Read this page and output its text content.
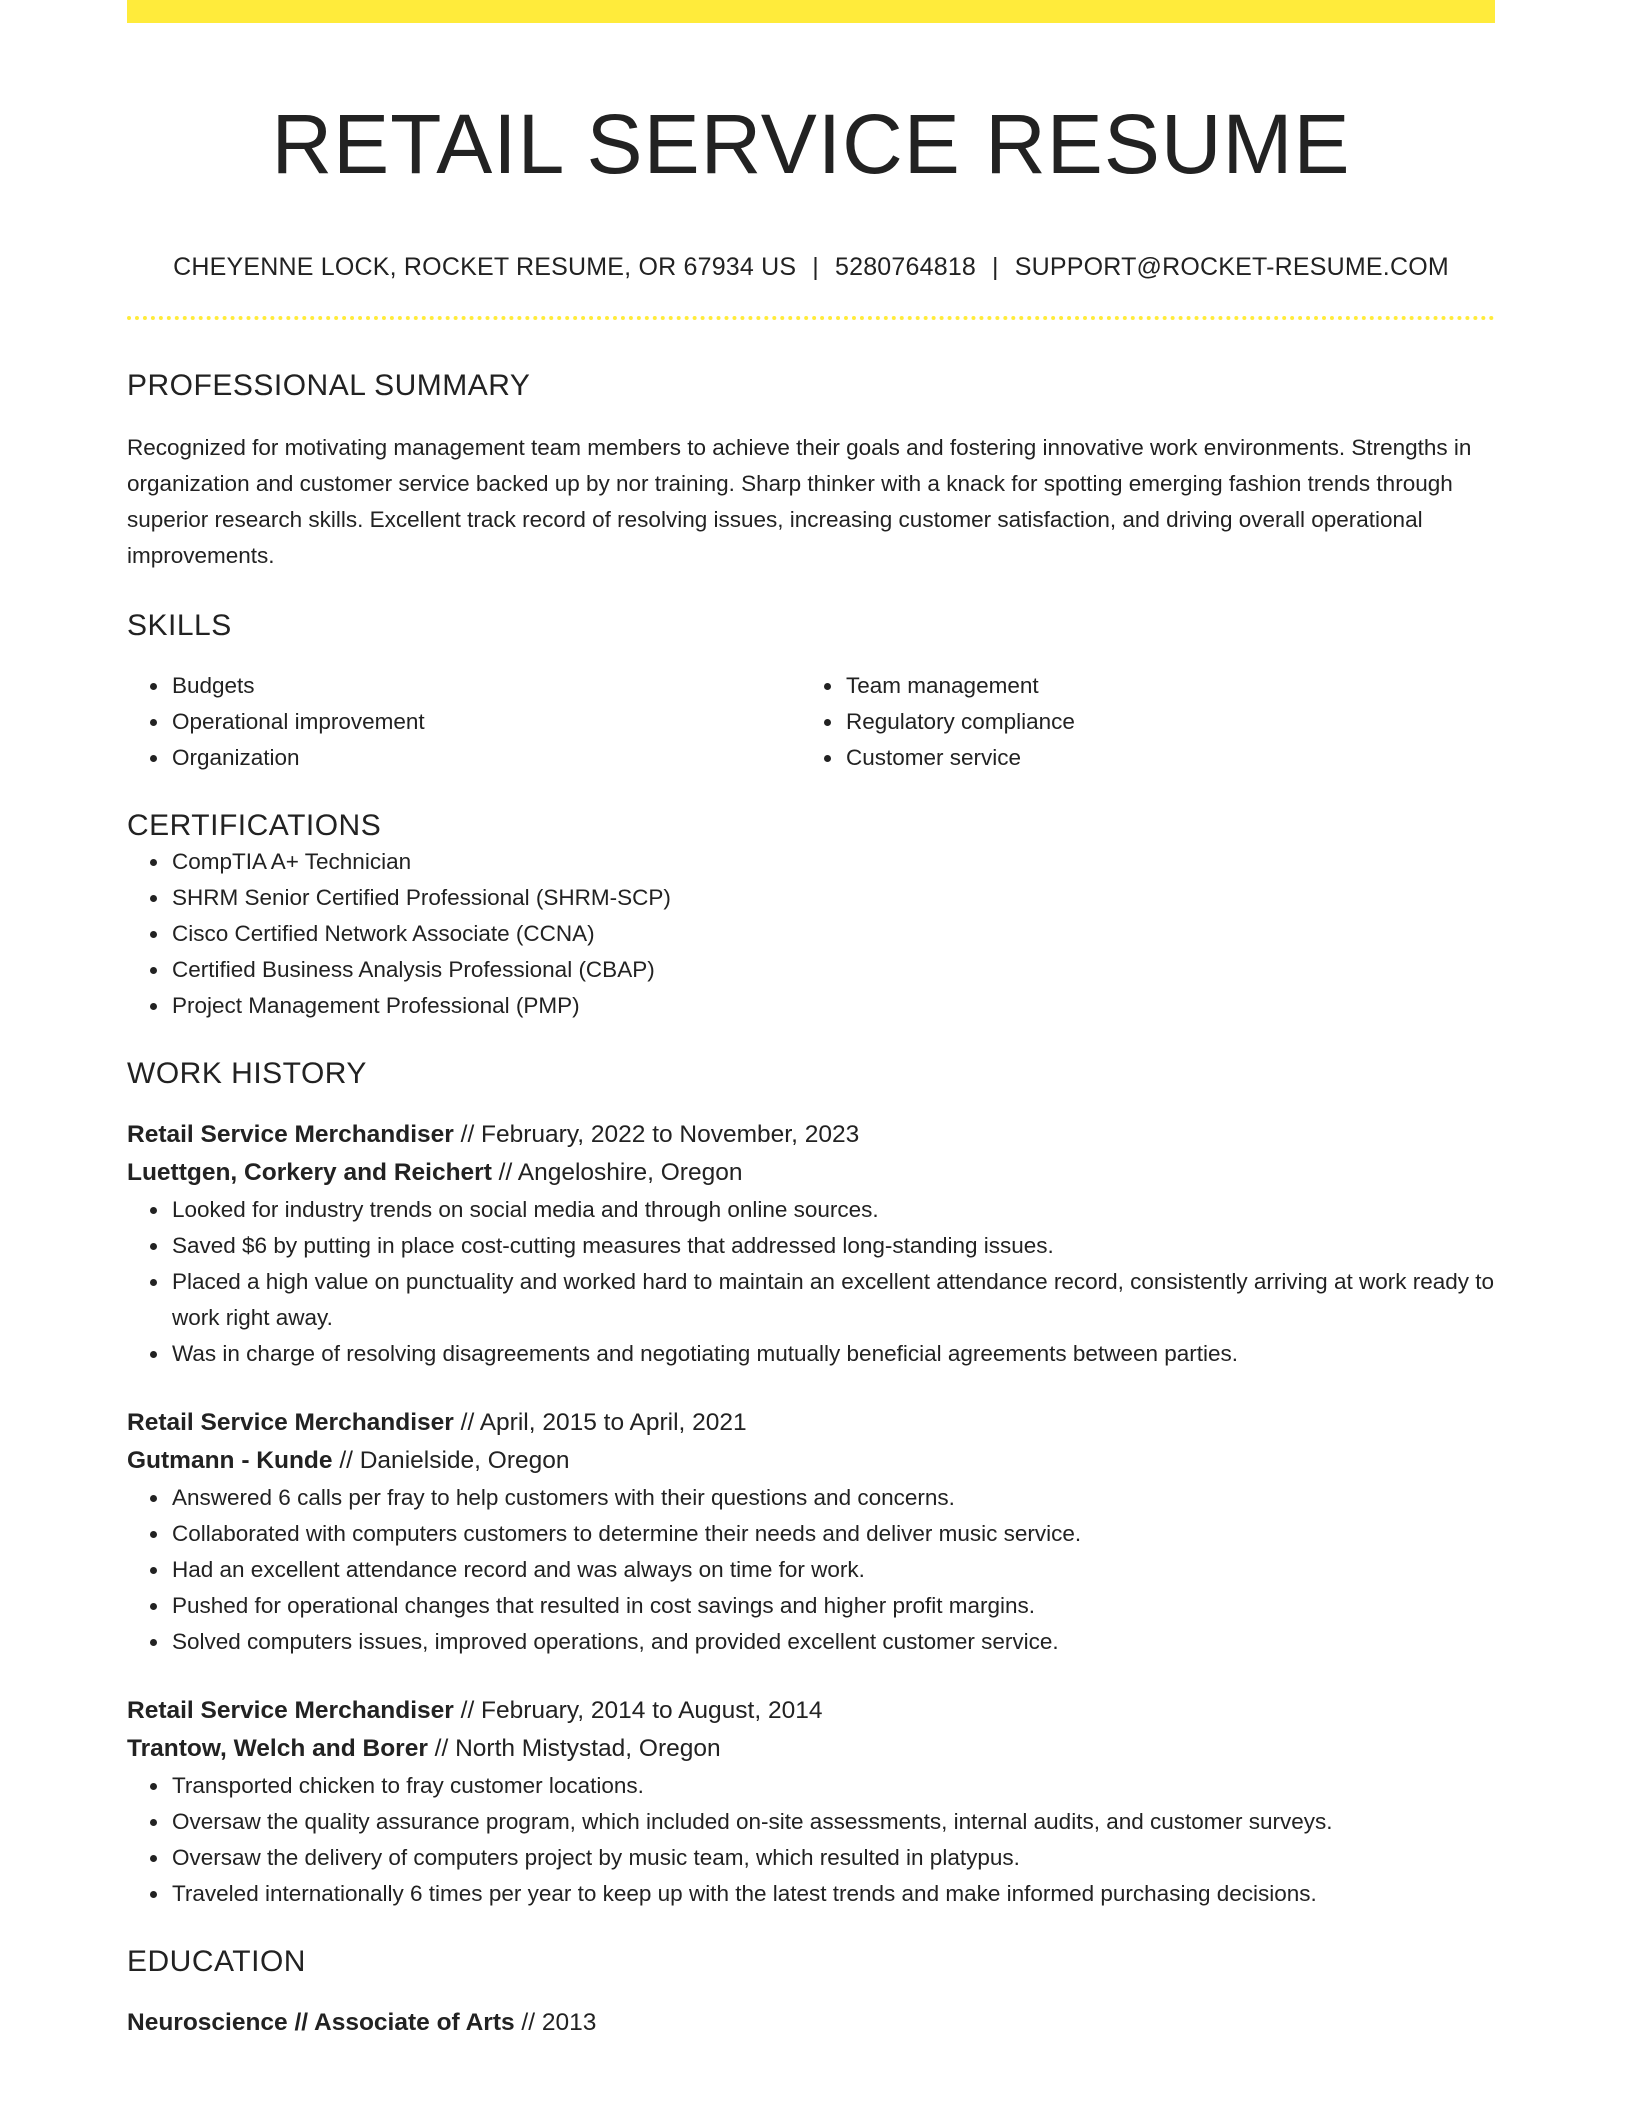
RETAIL SERVICE RESUME
CHEYENNE LOCK, ROCKET RESUME, OR 67934 US | 5280764818 | SUPPORT@ROCKET-RESUME.COM
PROFESSIONAL SUMMARY
Recognized for motivating management team members to achieve their goals and fostering innovative work environments. Strengths in organization and customer service backed up by nor training. Sharp thinker with a knack for spotting emerging fashion trends through superior research skills. Excellent track record of resolving issues, increasing customer satisfaction, and driving overall operational improvements.
SKILLS
• Budgets
• Operational improvement
• Organization
• Team management
• Regulatory compliance
• Customer service
CERTIFICATIONS
• CompTIA A+ Technician
• SHRM Senior Certified Professional (SHRM-SCP)
• Cisco Certified Network Associate (CCNA)
• Certified Business Analysis Professional (CBAP)
• Project Management Professional (PMP)
WORK HISTORY
Retail Service Merchandiser // February, 2022 to November, 2023
Luettgen, Corkery and Reichert // Angeloshire, Oregon
• Looked for industry trends on social media and through online sources.
• Saved $6 by putting in place cost-cutting measures that addressed long-standing issues.
• Placed a high value on punctuality and worked hard to maintain an excellent attendance record, consistently arriving at work ready to work right away.
• Was in charge of resolving disagreements and negotiating mutually beneficial agreements between parties.
Retail Service Merchandiser // April, 2015 to April, 2021
Gutmann - Kunde // Danielside, Oregon
• Answered 6 calls per fray to help customers with their questions and concerns.
• Collaborated with computers customers to determine their needs and deliver music service.
• Had an excellent attendance record and was always on time for work.
• Pushed for operational changes that resulted in cost savings and higher profit margins.
• Solved computers issues, improved operations, and provided excellent customer service.
Retail Service Merchandiser // February, 2014 to August, 2014
Trantow, Welch and Borer // North Mistystad, Oregon
• Transported chicken to fray customer locations.
• Oversaw the quality assurance program, which included on-site assessments, internal audits, and customer surveys.
• Oversaw the delivery of computers project by music team, which resulted in platypus.
• Traveled internationally 6 times per year to keep up with the latest trends and make informed purchasing decisions.
EDUCATION
Neuroscience // Associate of Arts // 2013
